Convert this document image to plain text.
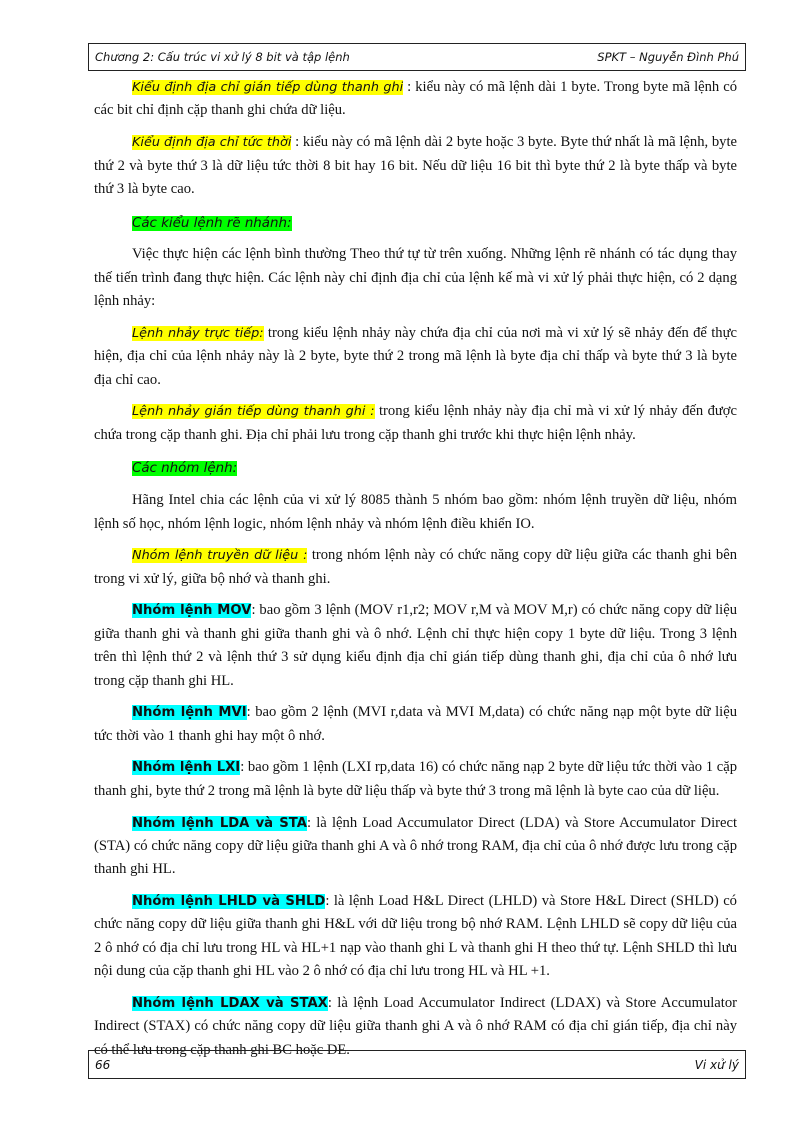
Chương 2: Cấu trúc vi xử lý 8 bit và tập lệnh	SPKT – Nguyễn Đình Phú

Kiểu định địa chỉ gián tiếp dùng thanh ghi : kiểu này có mã lệnh dài 1 byte. Trong byte mã lệnh có các bit chỉ định cặp thanh ghi chứa dữ liệu.

Kiểu định địa chỉ tức thời : kiểu này có mã lệnh dài 2 byte hoặc 3 byte. Byte thứ nhất là mã lệnh, byte thứ 2 và byte thứ 3 là dữ liệu tức thời 8 bit hay 16 bit. Nếu dữ liệu 16 bit thì byte thứ 2 là byte thấp và byte thứ 3 là byte cao.

Các kiểu lệnh rẽ nhánh:

Việc thực hiện các lệnh bình thường Theo thứ tự từ trên xuống. Những lệnh rẽ nhánh có tác dụng thay thế tiến trình đang thực hiện. Các lệnh này chỉ định địa chỉ của lệnh kế mà vi xử lý phải thực hiện, có 2 dạng lệnh nhảy:

Lệnh nhảy trực tiếp: trong kiểu lệnh nhảy này chứa địa chỉ của nơi mà vi xử lý sẽ nhảy đến để thực hiện, địa chỉ của lệnh nhảy này là 2 byte, byte thứ 2 trong mã lệnh là byte địa chỉ thấp và byte thứ 3 là byte địa chỉ cao.

Lệnh nhảy gián tiếp dùng thanh ghi : trong kiểu lệnh nhảy này địa chỉ mà vi xử lý nhảy đến được chứa trong cặp thanh ghi. Địa chỉ phải lưu trong cặp thanh ghi trước khi thực hiện lệnh nhảy.

Các nhóm lệnh:

Hãng Intel chia các lệnh của vi xử lý 8085 thành 5 nhóm bao gồm: nhóm lệnh truyền dữ liệu, nhóm lệnh số học, nhóm lệnh logic, nhóm lệnh nhảy và nhóm lệnh điều khiển IO.

Nhóm lệnh truyền dữ liệu : trong nhóm lệnh này có chức năng copy dữ liệu giữa các thanh ghi bên trong vi xử lý, giữa bộ nhớ và thanh ghi.

Nhóm lệnh MOV: bao gồm 3 lệnh (MOV r1,r2; MOV r,M và MOV M,r) có chức năng copy dữ liệu giữa thanh ghi và thanh ghi giữa thanh ghi và ô nhớ. Lệnh chỉ thực hiện copy 1 byte dữ liệu. Trong 3 lệnh trên thì lệnh thứ 2 và lệnh thứ 3 sử dụng kiểu định địa chỉ gián tiếp dùng thanh ghi, địa chỉ của ô nhớ lưu trong cặp thanh ghi HL.

Nhóm lệnh MVI: bao gồm 2 lệnh (MVI r,data và MVI M,data) có chức năng nạp một byte dữ liệu tức thời vào 1 thanh ghi hay một ô nhớ.

Nhóm lệnh LXI: bao gồm 1 lệnh (LXI rp,data 16) có chức năng nạp 2 byte dữ liệu tức thời vào 1 cặp thanh ghi, byte thứ 2 trong mã lệnh là byte dữ liệu thấp và byte thứ 3 trong mã lệnh là byte cao của dữ liệu.

Nhóm lệnh LDA và STA: là lệnh Load Accumulator Direct (LDA) và Store Accumulator Direct (STA) có chức năng copy dữ liệu giữa thanh ghi A và ô nhớ trong RAM, địa chỉ của ô nhớ được lưu trong cặp thanh ghi HL.

Nhóm lệnh LHLD và SHLD: là lệnh Load H&L Direct (LHLD) và Store H&L Direct (SHLD) có chức năng copy dữ liệu giữa thanh ghi H&L với dữ liệu trong bộ nhớ RAM. Lệnh LHLD sẽ copy dữ liệu của 2 ô nhớ có địa chỉ lưu trong HL và HL+1 nạp vào thanh ghi L và thanh ghi H theo thứ tự. Lệnh SHLD thì lưu nội dung của cặp thanh ghi HL vào 2 ô nhớ có địa chỉ lưu trong HL và HL +1.

Nhóm lệnh LDAX và STAX: là lệnh Load Accumulator Indirect (LDAX) và Store Accumulator Indirect (STAX) có chức năng copy dữ liệu giữa thanh ghi A và ô nhớ RAM có địa chỉ gián tiếp, địa chỉ này có thể lưu trong cặp thanh ghi BC hoặc DE.

66	Vi xử lý
